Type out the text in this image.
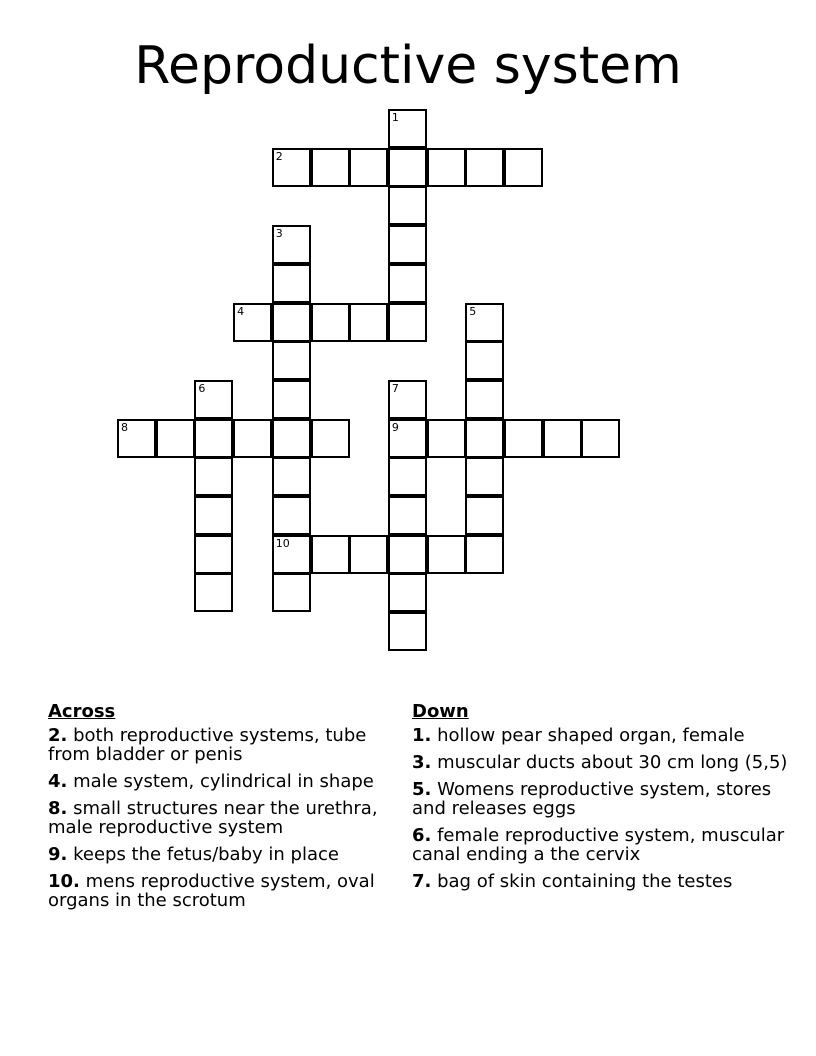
Reproductive system
1
2
3
4	5
6	7
8	9
10
Across
2. both reproductive systems, tube from bladder or penis
4. male system, cylindrical in shape
8. small structures near the urethra, male reproductive system
9. keeps the fetus/baby in place
10. mens reproductive system, oval organs in the scrotum
Down
1. hollow pear shaped organ, female
3. muscular ducts about 30 cm long (5,5)
5. Womens reproductive system, stores and releases eggs
6. female reproductive system, muscular canal ending a the cervix
7. bag of skin containing the testes
